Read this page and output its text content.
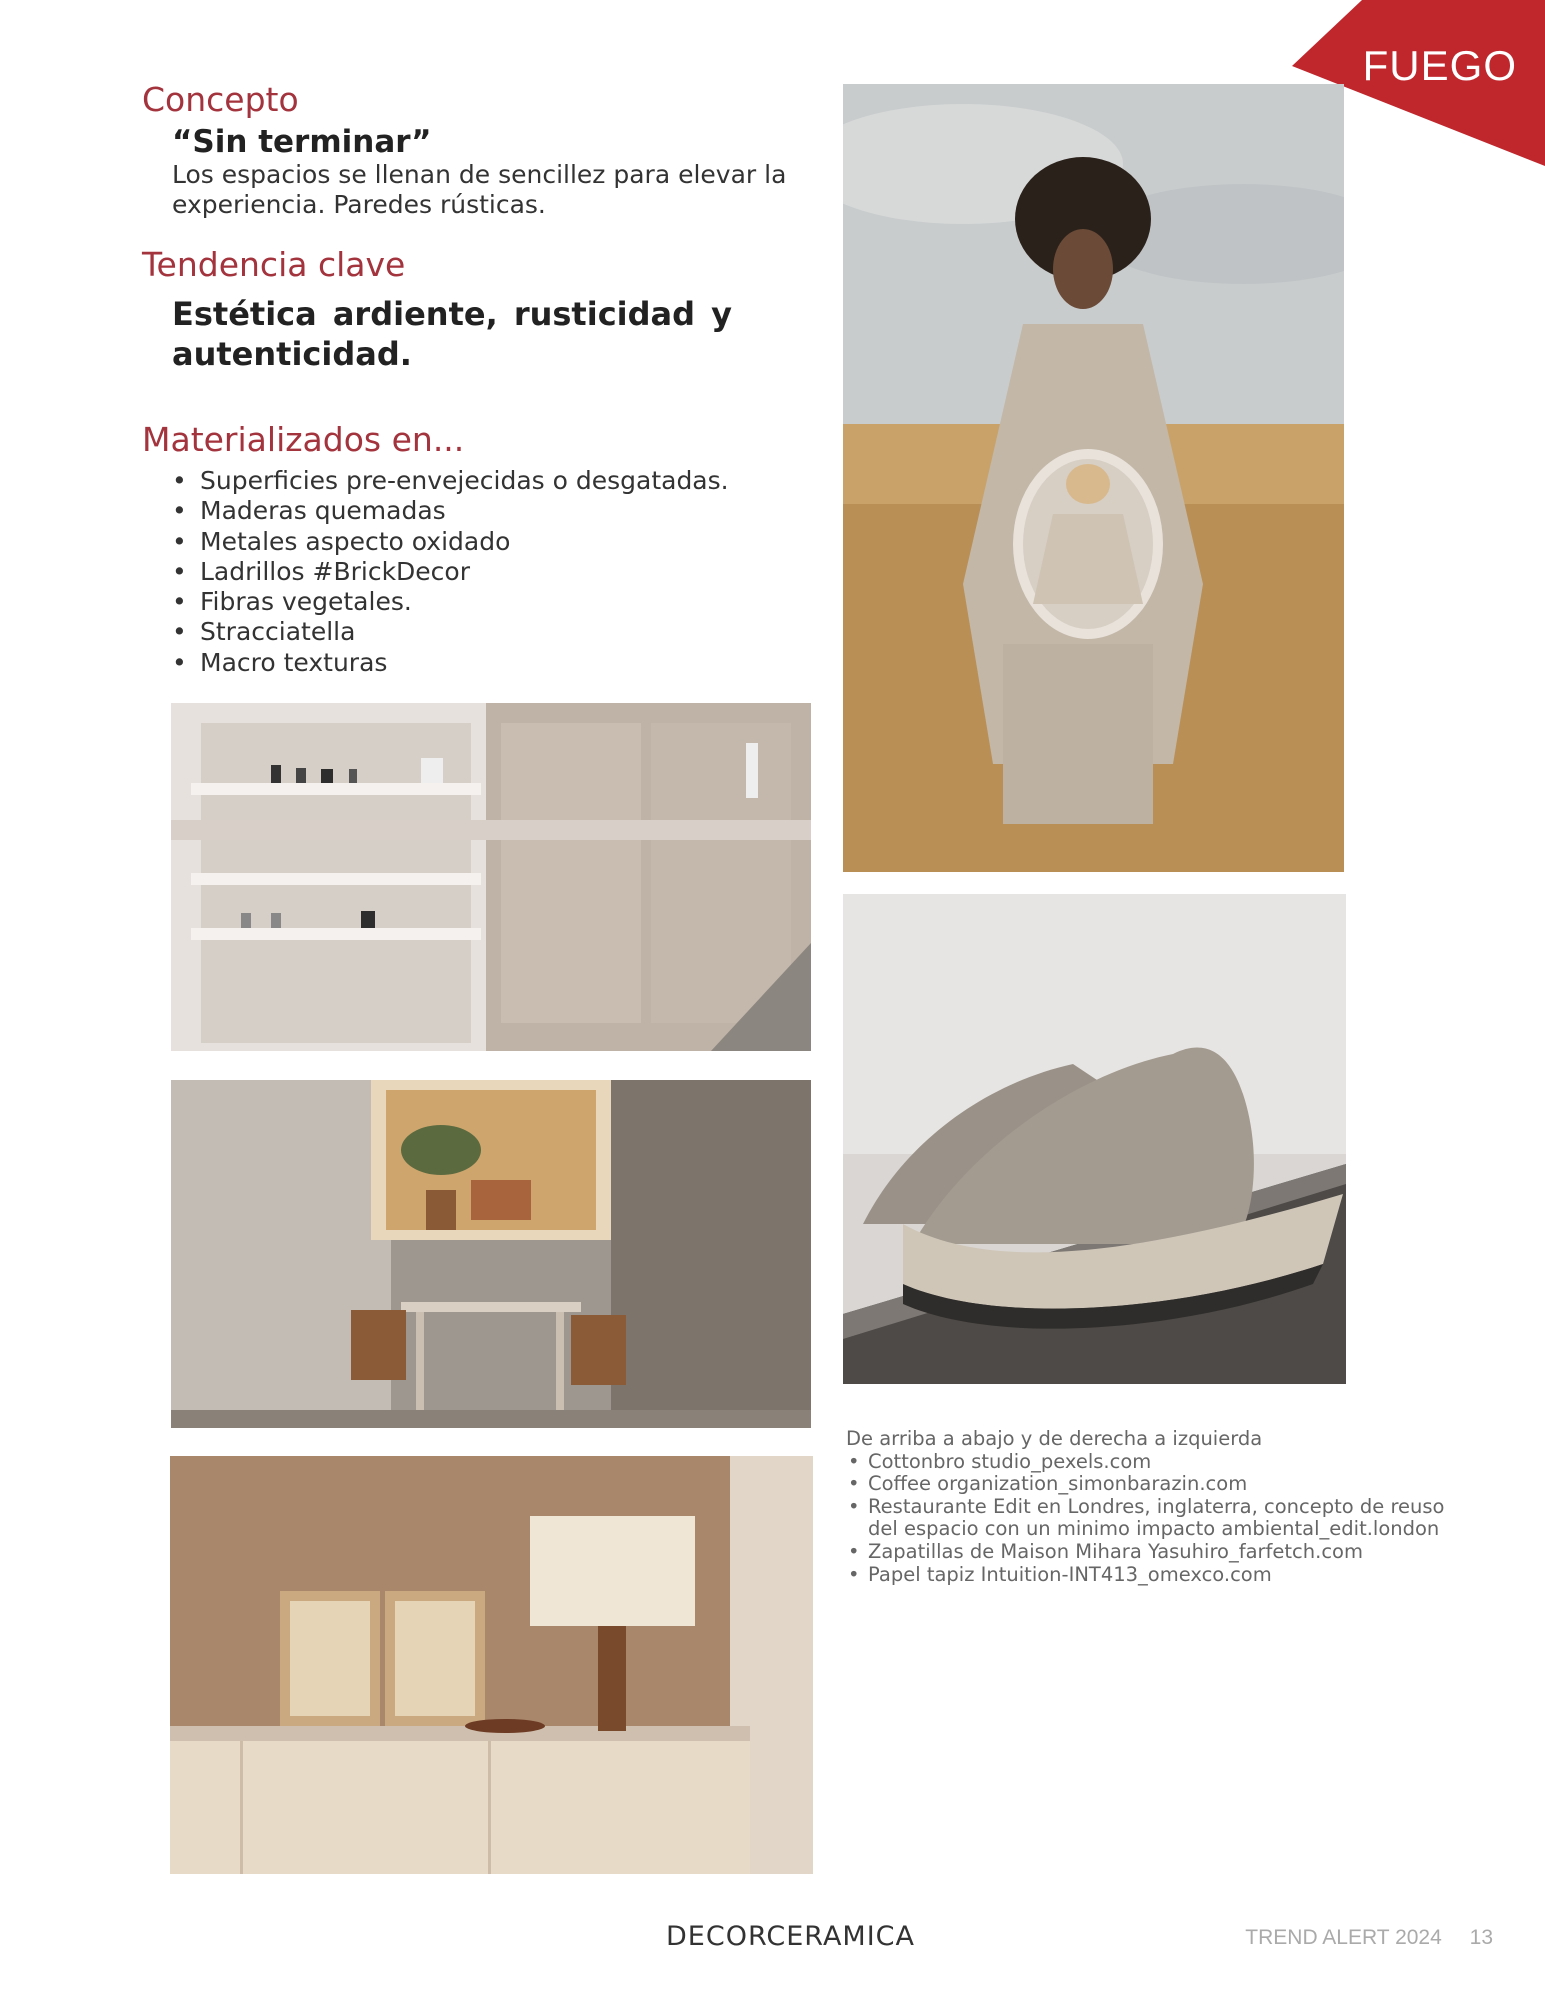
FUEGO
Concepto
“Sin terminar”

Los espacios se llenan de sencillez para elevar la experiencia. Paredes rústicas.

Tendencia clave

Estética ardiente, rusticidad y autenticidad.

Materializados en...
• Superficies pre-envejecidas o desgatadas.
• Maderas quemadas
• Metales aspecto oxidado
• Ladrillos #BrickDecor
• Fibras vegetales.
• Stracciatella
• Macro texturas
De arriba a abajo y de derecha a izquierda
• Cottonbro studio_pexels.com
• Coffee organization_simonbarazin.com
• Restaurante Edit en Londres, inglaterra, concepto de reuso del espacio con un minimo impacto ambiental_edit.london
• Zapatillas de Maison Mihara Yasuhiro_farfetch.com
• Papel tapiz Intuition-INT413_omexco.com
DECORCERAMICA	TREND ALERT 2024 13
